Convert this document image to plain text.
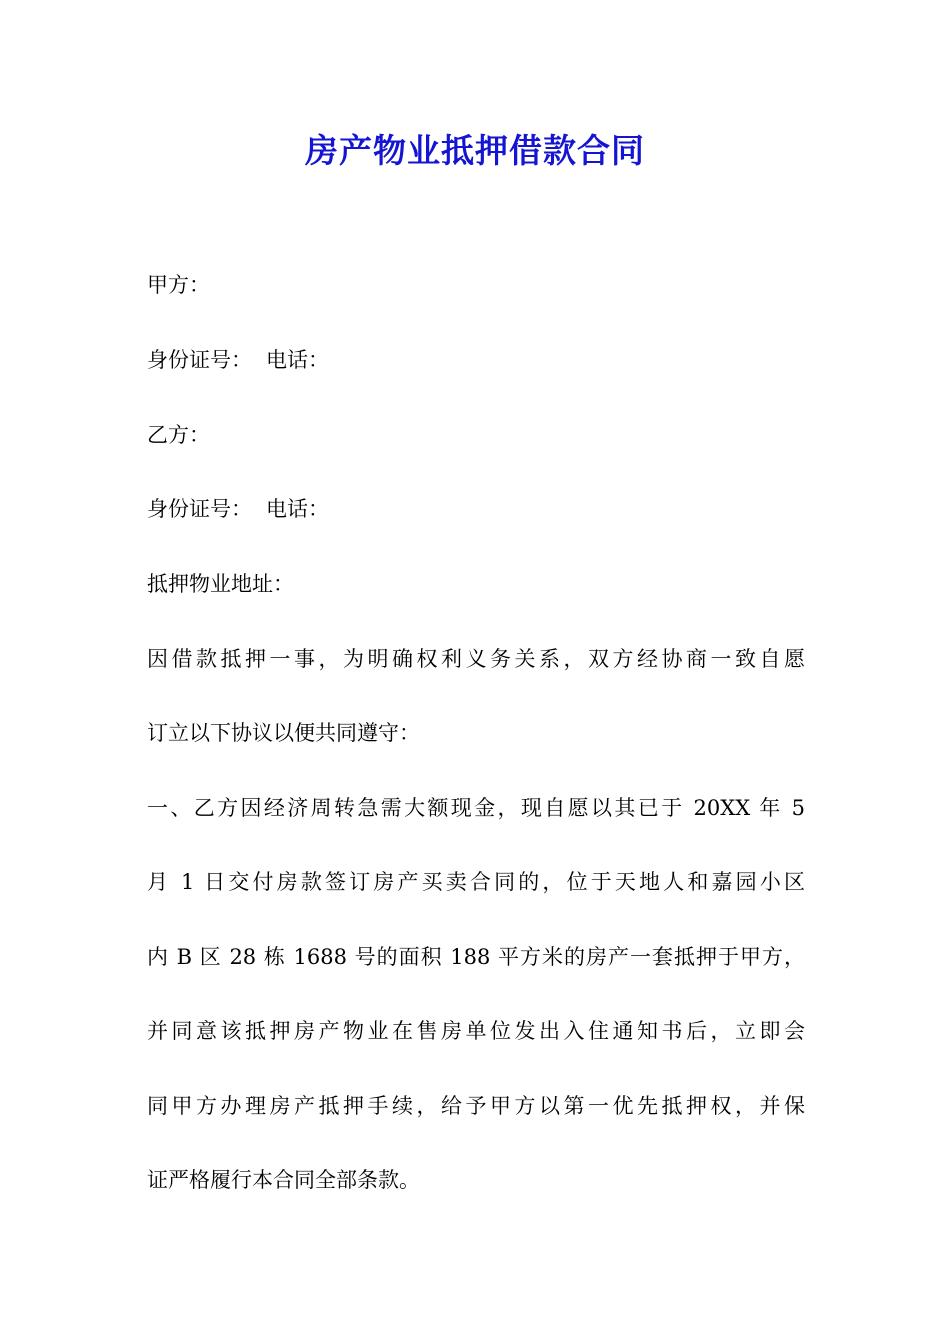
房产物业抵押借款合同

甲方：

身份证号： 电话：

乙方：

身份证号： 电话：

抵押物业地址：

因借款抵押一事，为明确权利义务关系，双方经协商一致自愿

订立以下协议以便共同遵守：

一、乙方因经济周转急需大额现金，现自愿以其已于 20XX 年 5

月 1 日交付房款签订房产买卖合同的，位于天地人和嘉园小区

内 B 区 28 栋 1688 号的面积 188 平方米的房产一套抵押于甲方，

并同意该抵押房产物业在售房单位发出入住通知书后，立即会

同甲方办理房产抵押手续，给予甲方以第一优先抵押权，并保

证严格履行本合同全部条款。
